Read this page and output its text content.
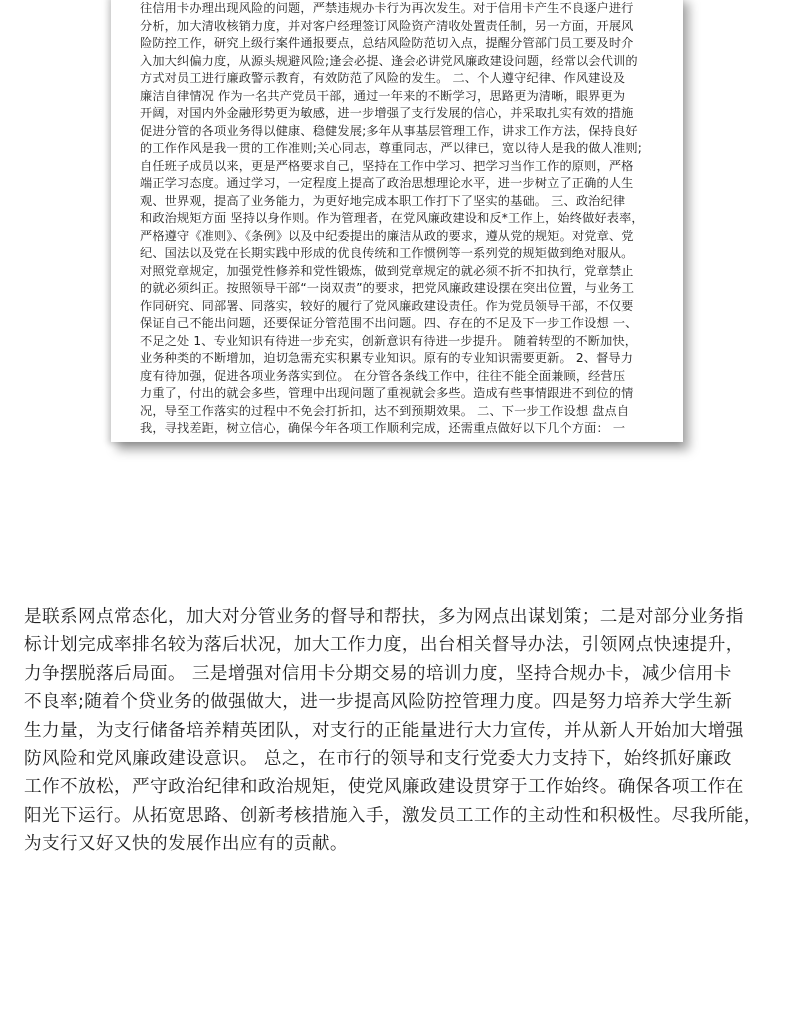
往信用卡办理出现风险的问题，严禁违规办卡行为再次发生。对于信用卡产生不良逐户进行
分析，加大清收核销力度，并对客户经理签订风险资产清收处置责任制，另一方面，开展风
险防控工作，研究上级行案件通报要点，总结风险防范切入点，提醒分管部门员工要及时介
入加大纠偏力度，从源头规避风险;逢会必提、逢会必讲党风廉政建设问题，经常以会代训的
方式对员工进行廉政警示教育，有效防范了风险的发生。 二、个人遵守纪律、作风建设及
廉洁自律情况 作为一名共产党员干部，通过一年来的不断学习，思路更为清晰，眼界更为
开阔，对国内外金融形势更为敏感，进一步增强了支行发展的信心，并采取扎实有效的措施
促进分管的各项业务得以健康、稳健发展;多年从事基层管理工作，讲求工作方法，保持良好
的工作作风是我一贯的工作准则;关心同志，尊重同志，严以律已，宽以待人是我的做人准则;
自任班子成员以来，更是严格要求自己，坚持在工作中学习、把学习当作工作的原则，严格
端正学习态度。通过学习，一定程度上提高了政治思想理论水平，进一步树立了正确的人生
观、世界观，提高了业务能力，为更好地完成本职工作打下了坚实的基础。 三、政治纪律
和政治规矩方面 坚持以身作则。作为管理者，在党风廉政建设和反*工作上，始终做好表率，
严格遵守《准则》、《条例》以及中纪委提出的廉洁从政的要求，遵从党的规矩。对党章、党
纪、国法以及党在长期实践中形成的优良传统和工作惯例等一系列党的规矩做到绝对服从。
对照党章规定，加强党性修养和党性锻炼，做到党章规定的就必须不折不扣执行，党章禁止
的就必须纠正。按照领导干部“一岗双责”的要求，把党风廉政建设摆在突出位置，与业务工
作同研究、同部署、同落实，较好的履行了党风廉政建设责任。作为党员领导干部，不仅要
保证自己不能出问题，还要保证分管范围不出问题。四、存在的不足及下一步工作设想 一、
不足之处 1、专业知识有待进一步充实，创新意识有待进一步提升。 随着转型的不断加快，
业务种类的不断增加，迫切急需充实积累专业知识。原有的专业知识需要更新。 2、督导力
度有待加强，促进各项业务落实到位。 在分管各条线工作中，往往不能全面兼顾，经营压
力重了，付出的就会多些，管理中出现问题了重视就会多些。造成有些事情跟进不到位的情
况，导至工作落实的过程中不免会打折扣，达不到预期效果。 二、下一步工作设想 盘点自
我，寻找差距，树立信心，确保今年各项工作顺利完成，还需重点做好以下几个方面： 一
是联系网点常态化，加大对分管业务的督导和帮扶，多为网点出谋划策；二是对部分业务指
标计划完成率排名较为落后状况，加大工作力度，出台相关督导办法，引领网点快速提升，
力争摆脱落后局面。 三是增强对信用卡分期交易的培训力度，坚持合规办卡，减少信用卡
不良率;随着个贷业务的做强做大，进一步提高风险防控管理力度。四是努力培养大学生新
生力量，为支行储备培养精英团队，对支行的正能量进行大力宣传，并从新人开始加大增强
防风险和党风廉政建设意识。 总之，在市行的领导和支行党委大力支持下，始终抓好廉政
工作不放松，严守政治纪律和政治规矩，使党风廉政建设贯穿于工作始终。确保各项工作在
阳光下运行。从拓宽思路、创新考核措施入手，激发员工工作的主动性和积极性。尽我所能，
为支行又好又快的发展作出应有的贡献。
